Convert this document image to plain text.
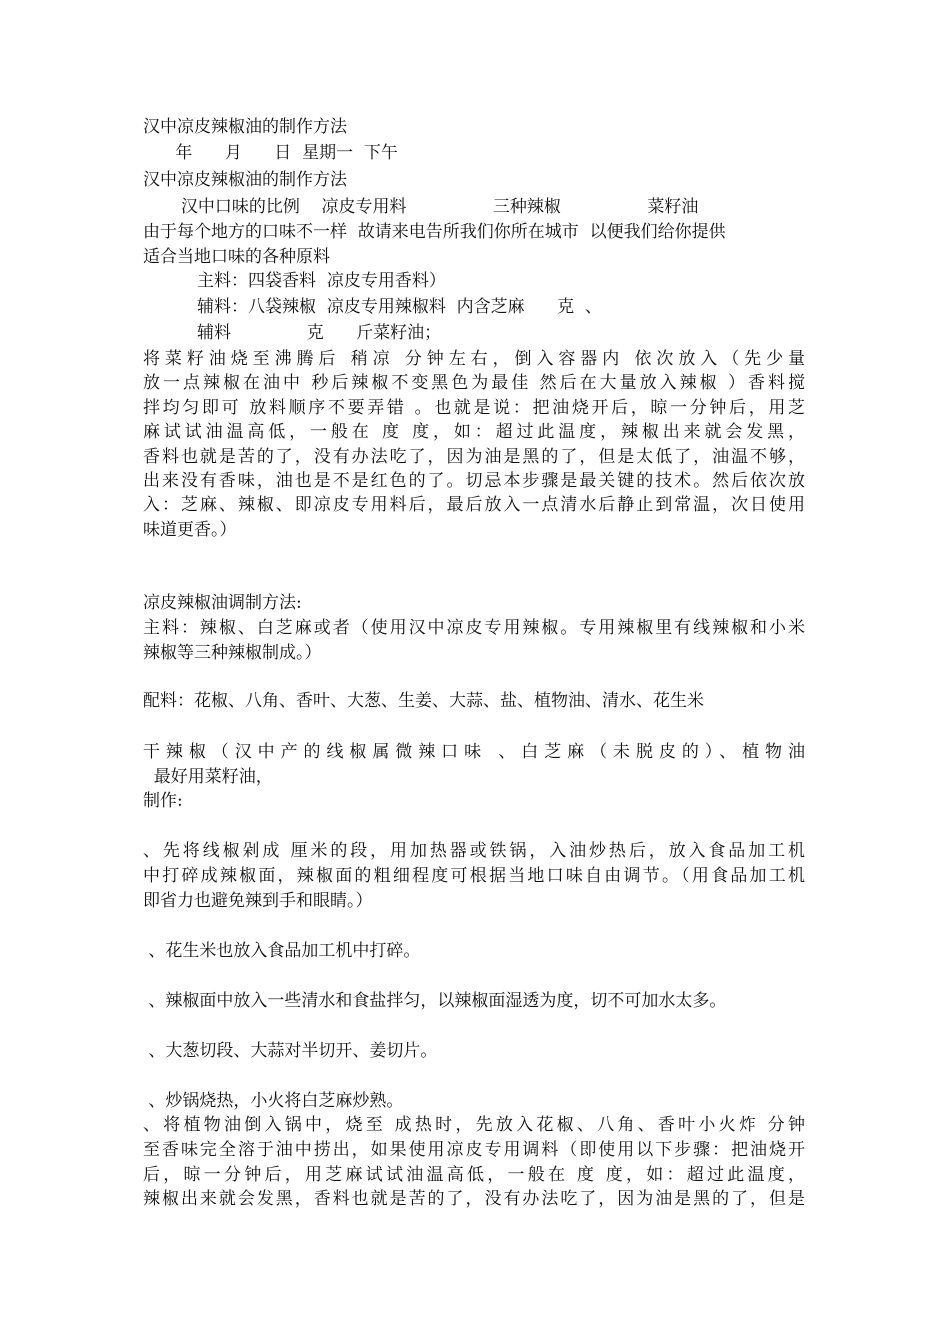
汉中凉皮辣椒油的制作方法
年      月      日  星期一  下午
汉中凉皮辣椒油的制作方法
汉中口味的比例    凉皮专用料                三种辣椒                菜籽油
由于每个地方的口味不一样  故请来电告所我们你所在城市  以便我们给你提供
适合当地口味的各种原料
主料：四袋香料  凉皮专用香料）
辅料：八袋辣椒  凉皮专用辣椒料  内含芝麻      克  、
辅料              克      斤菜籽油；
将菜籽油烧至沸腾后 稍凉 分钟左右，倒入容器内 依次放入（先少量
放一点辣椒在油中 秒后辣椒不变黑色为最佳 然后在大量放入辣椒 ）香料搅
拌均匀即可 放料顺序不要弄错 。也就是说：把油烧开后，晾一分钟后，用芝
麻试试油温高低，一般在 度 度，如：超过此温度，辣椒出来就会发黑，
香料也就是苦的了，没有办法吃了，因为油是黑的了，但是太低了，油温不够，
出来没有香味，油也是不是红色的了。切忌本步骤是最关键的技术。然后依次放
入：芝麻、辣椒、即凉皮专用料后，最后放入一点清水后静止到常温，次日使用
味道更香。）
凉皮辣椒油调制方法:
主料：辣椒、白芝麻或者（使用汉中凉皮专用辣椒。专用辣椒里有线辣椒和小米
辣椒等三种辣椒制成。）
配料：花椒、八角、香叶、大葱、生姜、大蒜、盐、植物油、清水、花生米
干辣椒（汉中产的线椒属微辣口味 、白芝麻（未脱皮的）、植物油
最好用菜籽油，
制作:
、先将线椒剁成 厘米的段，用加热器或铁锅，入油炒热后，放入食品加工机
中打碎成辣椒面，辣椒面的粗细程度可根据当地口味自由调节。（用食品加工机
即省力也避免辣到手和眼睛。）
、花生米也放入食品加工机中打碎。
、辣椒面中放入一些清水和食盐拌匀，以辣椒面湿透为度，切不可加水太多。
、大葱切段、大蒜对半切开、姜切片。
、炒锅烧热，小火将白芝麻炒熟。
、将植物油倒入锅中，烧至 成热时，先放入花椒、八角、香叶小火炸 分钟
至香味完全溶于油中捞出，如果使用凉皮专用调料（即使用以下步骤：把油烧开
后，晾一分钟后，用芝麻试试油温高低，一般在 度 度，如：超过此温度，
辣椒出来就会发黑，香料也就是苦的了，没有办法吃了，因为油是黑的了，但是
